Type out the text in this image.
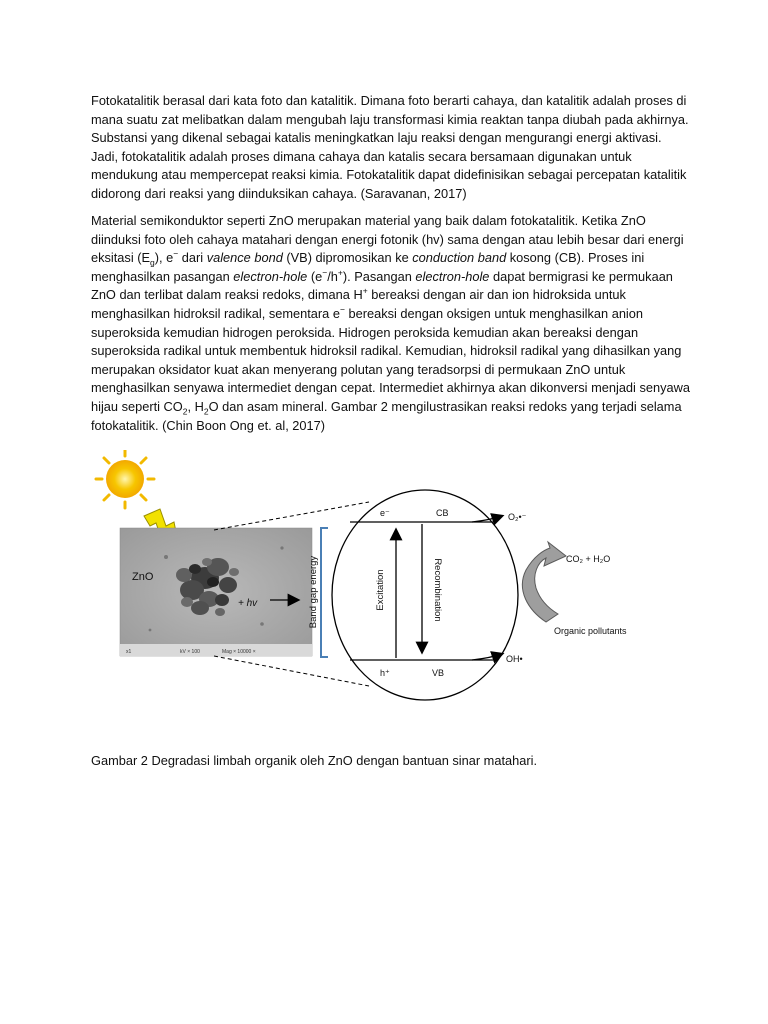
Fotokatalitik berasal dari kata foto dan katalitik. Dimana foto berarti cahaya, dan katalitik adalah proses di mana suatu zat melibatkan dalam mengubah laju transformasi kimia reaktan tanpa diubah pada akhirnya. Substansi yang dikenal sebagai katalis meningkatkan laju reaksi dengan mengurangi energi aktivasi. Jadi, fotokatalitik adalah proses dimana cahaya dan katalis secara bersamaan digunakan untuk mendukung atau mempercepat reaksi kimia. Fotokatalitik dapat didefinisikan sebagai percepatan katalitik didorong dari reaksi yang diinduksikan cahaya. (Saravanan, 2017)

Material semikonduktor seperti ZnO merupakan material yang baik dalam fotokatalitik. Ketika ZnO diinduksi foto oleh cahaya matahari dengan energi fotonik (hv) sama dengan atau lebih besar dari energi eksitasi $(E_g)$, e− dari valence bond (VB) dipromosikan ke conduction band kosong (CB). Proses ini menghasilkan pasangan electron-hole (e−/h+). Pasangan electron-hole dapat bermigrasi ke permukaan ZnO dan terlibat dalam reaksi redoks, dimana H+ bereaksi dengan air dan ion hidroksida untuk menghasilkan hidroksil radikal, sementara e− bereaksi dengan oksigen untuk menghasilkan anion superoksida kemudian hidrogen peroksida. Hidrogen peroksida kemudian akan bereaksi dengan superoksida radikal untuk membentuk hidroksil radikal. Kemudian, hidroksil radikal yang dihasilkan yang merupakan oksidator kuat akan menyerang polutan yang teradsorpsi di permukaan ZnO untuk menghasilkan senyawa intermediet dengan cepat. Intermediet akhirnya akan dikonversi menjadi senyawa hijau seperti $CO_2$, $H_2O$ dan asam mineral. Gambar 2 mengilustrasikan reaksi redoks yang terjadi selama fotokatalitik. (Chin Boon Ong et. al, 2017)

x1	kV × 100	Mag × 10000 ×
ZnO
+ hv	Band gap energy
e⁻	CB
h⁺	VB
Excitation	Recombination
O₂•⁻
OH•
CO₂ + H₂O
Organic pollutants

Gambar 2 Degradasi limbah organik oleh ZnO dengan bantuan sinar matahari.
